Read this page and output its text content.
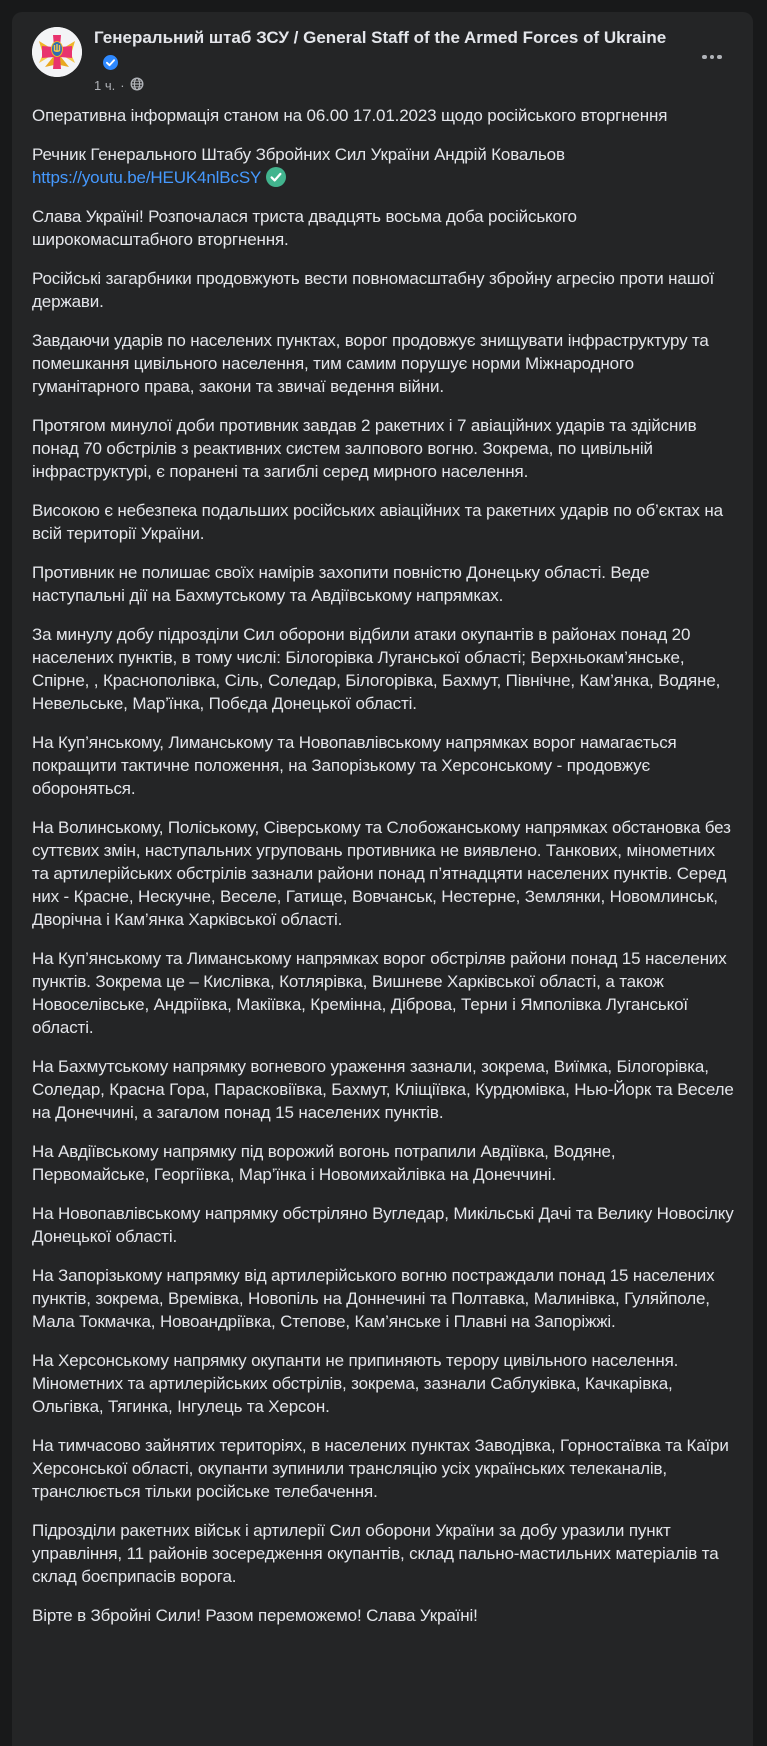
Генеральний штаб ЗСУ / General Staff of the Armed Forces of Ukraine
1 ч. ·

Оперативна інформація станом на 06.00 17.01.2023 щодо російського вторгнення

Речник Генерального Штабу Збройних Сил України Андрій Ковальов
https://youtu.be/HEUK4nlBcSY

Слава Україні! Розпочалася триста двадцять восьма доба російського широкомасштабного вторгнення.

Російські загарбники продовжують вести повномасштабну збройну агресію проти нашої держави.

Завдаючи ударів по населених пунктах, ворог продовжує знищувати інфраструктуру та помешкання цивільного населення, тим самим порушує норми Міжнародного гуманітарного права, закони та звичаї ведення війни.

Протягом минулої доби противник завдав 2 ракетних і 7 авіаційних ударів та здійснив понад 70 обстрілів з реактивних систем залпового вогню. Зокрема, по цивільній інфраструктурі, є поранені та загиблі серед мирного населення.

Високою є небезпека подальших російських авіаційних та ракетних ударів по об’єктах на всій території України.

Противник не полишає своїх намірів захопити повністю Донецьку області. Веде наступальні дії на Бахмутському та Авдіївському напрямках.

За минулу добу підрозділи Сил оборони відбили атаки окупантів в районах понад 20 населених пунктів, в тому числі: Білогорівка Луганської області; Верхньокам’янське, Спірне, , Краснополівка, Сіль, Соледар, Білогорівка, Бахмут, Північне, Кам’янка, Водяне, Невельське, Мар’їнка, Побєда Донецької області.

На Куп’янському, Лиманському та Новопавлівському напрямках ворог намагається покращити тактичне положення, на Запорізькому та Херсонському - продовжує обороняться.

На Волинському, Поліському, Сіверському та Слобожанському напрямках обстановка без суттєвих змін, наступальних угруповань противника не виявлено. Танкових, мінометних та артилерійських обстрілів зазнали райони понад п’ятнадцяти населених пунктів. Серед них - Красне, Нескучне, Веселе, Гатище, Вовчанськ, Нестерне, Землянки, Новомлинськ, Дворічна і Кам’янка Харківської області.

На Куп’янському та Лиманському напрямках ворог обстріляв райони понад 15 населених пунктів. Зокрема це – Кислівка, Котлярівка, Вишневе Харківської області, а також Новоселівське, Андріївка, Макіївка, Кремінна, Діброва, Терни і Ямполівка Луганської області.

На Бахмутському напрямку вогневого ураження зазнали, зокрема, Виїмка, Білогорівка, Соледар, Красна Гора, Парасковіївка, Бахмут, Кліщіївка, Курдюмівка, Нью-Йорк та Веселе на Донеччині, а загалом понад 15 населених пунктів.

На Авдіївському напрямку під ворожий вогонь потрапили Авдіївка, Водяне, Первомайське, Георгіївка, Мар’їнка і Новомихайлівка на Донеччині.

На Новопавлівському напрямку обстріляно Вугледар, Микільські Дачі та Велику Новосілку Донецької області.

На Запорізькому напрямку від артилерійського вогню постраждали понад 15 населених пунктів, зокрема, Времівка, Новопіль на Доннечині та Полтавка, Малинівка, Гуляйполе, Мала Токмачка, Новоандріївка, Степове, Кам’янське і Плавні на Запоріжжі.

На Херсонському напрямку окупанти не припиняють терору цивільного населення. Мінометних та артилерійських обстрілів, зокрема, зазнали Саблуківка, Качкарівка, Ольгівка, Тягинка, Інгулець та Херсон.

На тимчасово зайнятих територіях, в населених пунктах Заводівка, Горностаївка та Каїри Херсонської області, окупанти зупинили трансляцію усіх українських телеканалів, транслюється тільки російське телебачення.

Підрозділи ракетних військ і артилерії Сил оборони України за добу уразили пункт управління, 11 районів зосередження окупантів, склад пально-мастильних матеріалів та склад боєприпасів ворога.

Вірте в Збройні Сили! Разом переможемо! Слава Україні!
